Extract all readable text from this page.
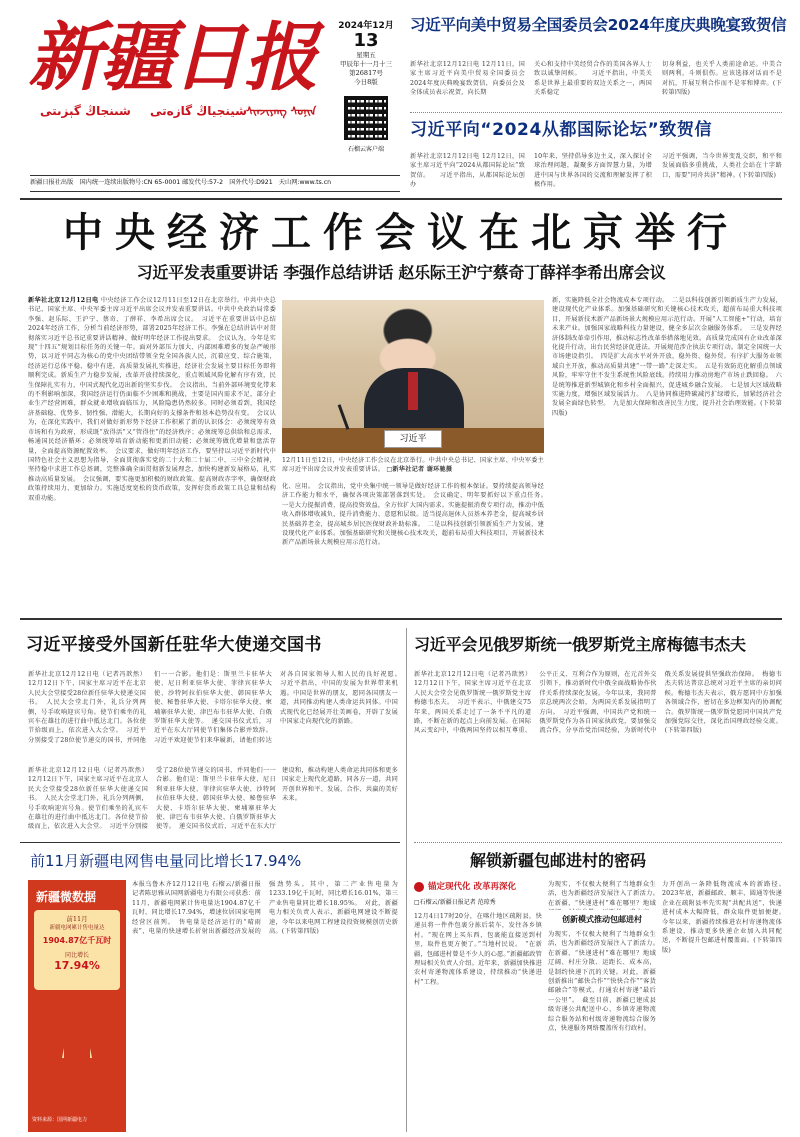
新疆日报
شىنجاڭ گېزىتى شينجياڭ گازەتى ᠰᠢᠨᠵᠢᠶᠠᠩ ᠰᠣᠨᠢᠨ
2024年12月
13
星期五
甲辰年十一月十三
第26817号
今日8版
石榴云客户端
新疆日报社出版　国内统一连续出版物号:CN 65-0001 邮发代号:57-2　国外代号:D921　天山网:www.ts.cn
习近平向美中贸易全国委员会2024年度庆典晚宴致贺信
新华社北京12月12日电 12月11日，国家主席习近平向美中贸易全国委员会2024年度庆典晚宴致贺信，向委员会及全体成员表示祝贺，向长期
关心和支持中美经贸合作的美国各界人士致以诚挚问候。　　习近平指出，中美关系是世界上最重要的双边关系之一，两国关系稳定
切身利益，也关乎人类前途命运。中美合则两利，斗则俱伤。应该选择对话而不是对抗，开展互利合作而不是零和博弈。(下转第四版)
习近平向“2024从都国际论坛”致贺信
新华社北京12月12日电 12月12日，国家主席习近平向“2024从都国际论坛”致贺信。　　习近平指出，从都国际论坛创办
10年来，坚持倡导多边主义，深入探讨全球治理问题，凝聚多方面智慧力量，为增进中国与世界各国的交流和理解发挥了积极作用。
习近平强调，当今世界变乱交织，和平和发展面临多重挑战，人类社会站在十字路口，需要“同舟共济”精神。(下转第四版)
中央经济工作会议在北京举行
习近平发表重要讲话 李强作总结讲话 赵乐际王沪宁蔡奇丁薛祥李希出席会议
新华社北京12月12日电 中央经济工作会议12月11日至12日在北京举行。中共中央总书记、国家主席、中央军委主席习近平出席会议并发表重要讲话。中共中央政治局常委李强、赵乐际、王沪宁、蔡奇、丁薛祥、李希出席会议。　习近平在重要讲话中总结2024年经济工作，分析当前经济形势，部署2025年经济工作。李强在总结讲话中对贯彻落实习近平总书记重要讲话精神、做好明年经济工作提出要求。　会议认为，今年是实现“十四五”规划目标任务的关键一年。面对外部压力加大、内部困难增多的复杂严峻形势，以习近平同志为核心的党中央团结带领全党全国各族人民，沉着应变、综合施策，经济运行总体平稳、稳中有进，高质量发展扎实推进，经济社会发展主要目标任务即将顺利完成。新质生产力稳步发展，改革开放持续深化，重点领域风险化解有序有效，民生保障扎实有力，中国式现代化迈出新的坚实步伐。　会议指出，当前外部环境变化带来的不利影响加深，我国经济运行仍面临不少困难和挑战，主要是国内需求不足，部分企业生产经营困难，群众就业增收面临压力，风险隐患仍然较多。同时必须看到，我国经济基础稳、优势多、韧性强、潜能大，长期向好的支撑条件和基本趋势没有变。　会议认为，在深化实践中，我们对做好新形势下经济工作积累了新的认识体会：必须统筹有效市场和有为政府，形成既“放得活”又“管得住”的经济秩序；必须统筹总供给和总需求，畅通国民经济循环；必须统筹培育新动能和更新旧动能；必须统筹做优增量和盘活存量，全面提高资源配置效率。　会议要求，做好明年经济工作，要坚持以习近平新时代中国特色社会主义思想为指导，全面贯彻落实党的二十大和二十届二中、三中全会精神，坚持稳中求进工作总基调，完整准确全面贯彻新发展理念，加快构建新发展格局，扎实推动高质量发展。　会议强调，要实施更加积极的财政政策。提高财政赤字率，确保财政政策持续用力、更加给力。实施适度宽松的货币政策，发挥好货币政策工具总量和结构双重功能。
习近平
12月11日至12日，中央经济工作会议在北京举行。中共中央总书记、国家主席、中央军委主席习近平出席会议并发表重要讲话。 □新华社记者 谢环驰摄
化、应用。　会议指出，党中央集中统一领导是做好经济工作的根本保证。要持续提高领导经济工作能力和水平，确保各项决策部署落到实处。　会议确定，明年要抓好以下重点任务。　一是大力提振消费、提高投资效益，全方位扩大国内需求。实施提振消费专项行动，推动中低收入群体增收减负，提升消费能力、意愿和层级。适当提高退休人员基本养老金，提高城乡居民基础养老金，提高城乡居民医保财政补助标准。　二是以科技创新引领新质生产力发展，建设现代化产业体系。加强基础研究和关键核心技术攻关，超前布局重大科技项目，开展新技术新产品新场景大规模应用示范行动。
新，实施降低全社会物流成本专项行动。　二是以科技创新引领新质生产力发展，建设现代化产业体系。加强基础研究和关键核心技术攻关，超前布局重大科技项目，开展新技术新产品新场景大规模应用示范行动。开展“人工智能+”行动，培育未来产业。加强国家战略科技力量建设，健全多层次金融服务体系。　三是发挥经济体制改革牵引作用，推动标志性改革举措落地见效。高质量完成国有企业改革深化提升行动，出台民营经济促进法。开展规范涉企执法专项行动。制定全国统一大市场建设指引。　四是扩大高水平对外开放，稳外资、稳外贸。有序扩大服务业领域自主开放，推动高质量共建“一带一路”走深走实。　五是有效防范化解重点领域风险，牢牢守住不发生系统性风险底线。持续用力推动房地产市场止跌回稳。　六是统筹推进新型城镇化和乡村全面振兴，促进城乡融合发展。　七是加大区域战略实施力度，增强区域发展活力。　八是协同推进降碳减污扩绿增长，加紧经济社会发展全面绿色转型。　九是加大保障和改善民生力度，提升社会治理效能。(下转第四版)
习近平接受外国新任驻华大使递交国书
新华社北京12月12日电（记者冯歆然）12月12日下午，国家主席习近平在北京人民大会堂接受28位新任驻华大使递交国书。　人民大会堂北门外，礼兵分列两侧，号手吹响迎宾号角。使节们乘坐的礼宾车在雄壮的进行曲中抵达北门。各位使节拾级而上，依次进入大会堂。　习近平分别接受了28位使节递交的国书，并同他们一一合影。他们是：斯里兰卡驻华大使、尼日利亚驻华大使、菲律宾驻华大使、沙特阿拉伯驻华大使、韩国驻华大使、秘鲁驻华大使、卡塔尔驻华大使、柬埔寨驻华大使、津巴布韦驻华大使、白俄罗斯驻华大使等。　递交国书仪式后，习近平在东大厅同使节们集体合影并致辞。习近平欢迎使节们来华履新，请他们转达对各自国家领导人和人民的良好祝愿。　习近平指出，中国的发展为世界带来机遇。中国是世界的朋友，愿同各国朋友一道，共同推动构建人类命运共同体。中国式现代化已经展开壮美画卷，开辟了发展中国家走向现代化的新路。
建设和，推动构建人类命运共同体和更多国家走上现代化道路，同各方一道，共同开创世界和平、发展、合作、共赢的美好未来。
习近平会见俄罗斯统一俄罗斯党主席梅德韦杰夫
新华社北京12月12日电（记者冯歆然）12月12日下午，国家主席习近平在北京人民大会堂会见俄罗斯统一俄罗斯党主席梅德韦杰夫。　习近平表示，中俄建交75年来，两国关系走过了一条不平凡的道路，不断在新的起点上向前发展。在国际风云变幻中，中俄两国坚持以相互尊重、公平正义、互利合作为原则，在元首外交引领下，推动新时代中俄全面战略协作伙伴关系持续深化发展。今年以来，我同普京总统两次会晤，为两国关系发展指明了方向。　习近平强调，中国共产党和统一俄罗斯党作为各自国家执政党，要加强交流合作，分享治党治国经验，为新时代中俄关系发展提供坚强政治保障。　梅德韦杰夫转达普京总统对习近平主席的亲切问候。梅德韦杰夫表示，俄方愿同中方加强各领域合作，密切在多边框架内的协调配合。俄罗斯统一俄罗斯党愿同中国共产党加强党际交往，深化治国理政经验交流。(下转第四版)
新华社北京12月12日电（记者冯歆然）12月12日下午，国家主席习近平在北京人民大会堂接受28位新任驻华大使递交国书。　人民大会堂北门外，礼兵分列两侧，号手吹响迎宾号角。使节们乘坐的礼宾车在雄壮的进行曲中抵达北门。各位使节拾级而上，依次进入大会堂。　习近平分别接受了28位使节递交的国书，并同他们一一合影。他们是：斯里兰卡驻华大使、尼日利亚驻华大使、菲律宾驻华大使、沙特阿拉伯驻华大使、韩国驻华大使、秘鲁驻华大使、卡塔尔驻华大使、柬埔寨驻华大使、津巴布韦驻华大使、白俄罗斯驻华大使等。　递交国书仪式后，习近平在东大厅　
前11月新疆电网售电量同比增长17.94%
新疆微数据
前11月
新疆电网累计售电量达
1904.87亿千瓦时
同比增长
17.94%
资料来源：国网新疆电力
本报乌鲁木齐12月12日电 石榴云/新疆日报记者陈思雅从国网新疆电力有限公司获悉：前11月，新疆电网累计售电量达1904.87亿千瓦时，同比增长17.94%，增速位居国家电网经营区前列。　售电量是经济运行的“晴雨表”，电量的快速增长折射出新疆经济发展的强劲势头。其中，第二产业售电量为1233.19亿千瓦时，同比增长16.01%，第三产业售电量同比增长18.95%。　对此，新疆电力相关负责人表示，新疆电网建设不断提速，今年以来电网工程建设投资规模创历史新高。(下转第四版)
解锁新疆包邮进村的密码
锚定现代化 改革再深化
□石榴云/新疆日报记者 范琼秀
12月4日17时20分，在喀什地区疏附县，快递员将一件件包裹分拣后装车，发往各乡镇村。“现在网上买东西，包裹能直接送到村里，取件也更方便了。”当地村民说。　“在新疆，包邮进村曾是不少人的心愿。”新疆邮政管理局相关负责人介绍。近年来，新疆加快推进农村寄递物流体系建设，持续推动“快递进村”工程。
为现实，不仅极大便利了当地群众生活，也为新疆经济发展注入了新活力。　在新疆，“快递进村”难在哪里？地域　
创新模式推动包邮进村
为现实，不仅极大便利了当地群众生活，也为新疆经济发展注入了新活力。　在新疆，“快递进村”难在哪里？地域辽阔、村庄分散、运距长、成本高，是制约快递下沉的关键。对此，新疆创新推出“邮快合作”“快快合作”“客货邮融合”等模式，打通农村寄递“最后一公里”。　截至目前，新疆已建成县级寄递公共配送中心、乡镇寄递物流综合服务站和村级寄递物流综合服务点，快递服务网络覆盖所有行政村。
力开创出一条降低物流成本的新路径。　2023年底，新疆邮政、顺丰、圆通等快递企业在疏附县率先实现“共配共送”，快递进村成本大幅降低，群众取件更加便捷。　今年以来，新疆持续推进农村寄递物流体系建设，推动更多快递企业加入共同配送，不断提升包邮进村覆盖面。(下转第四版)
